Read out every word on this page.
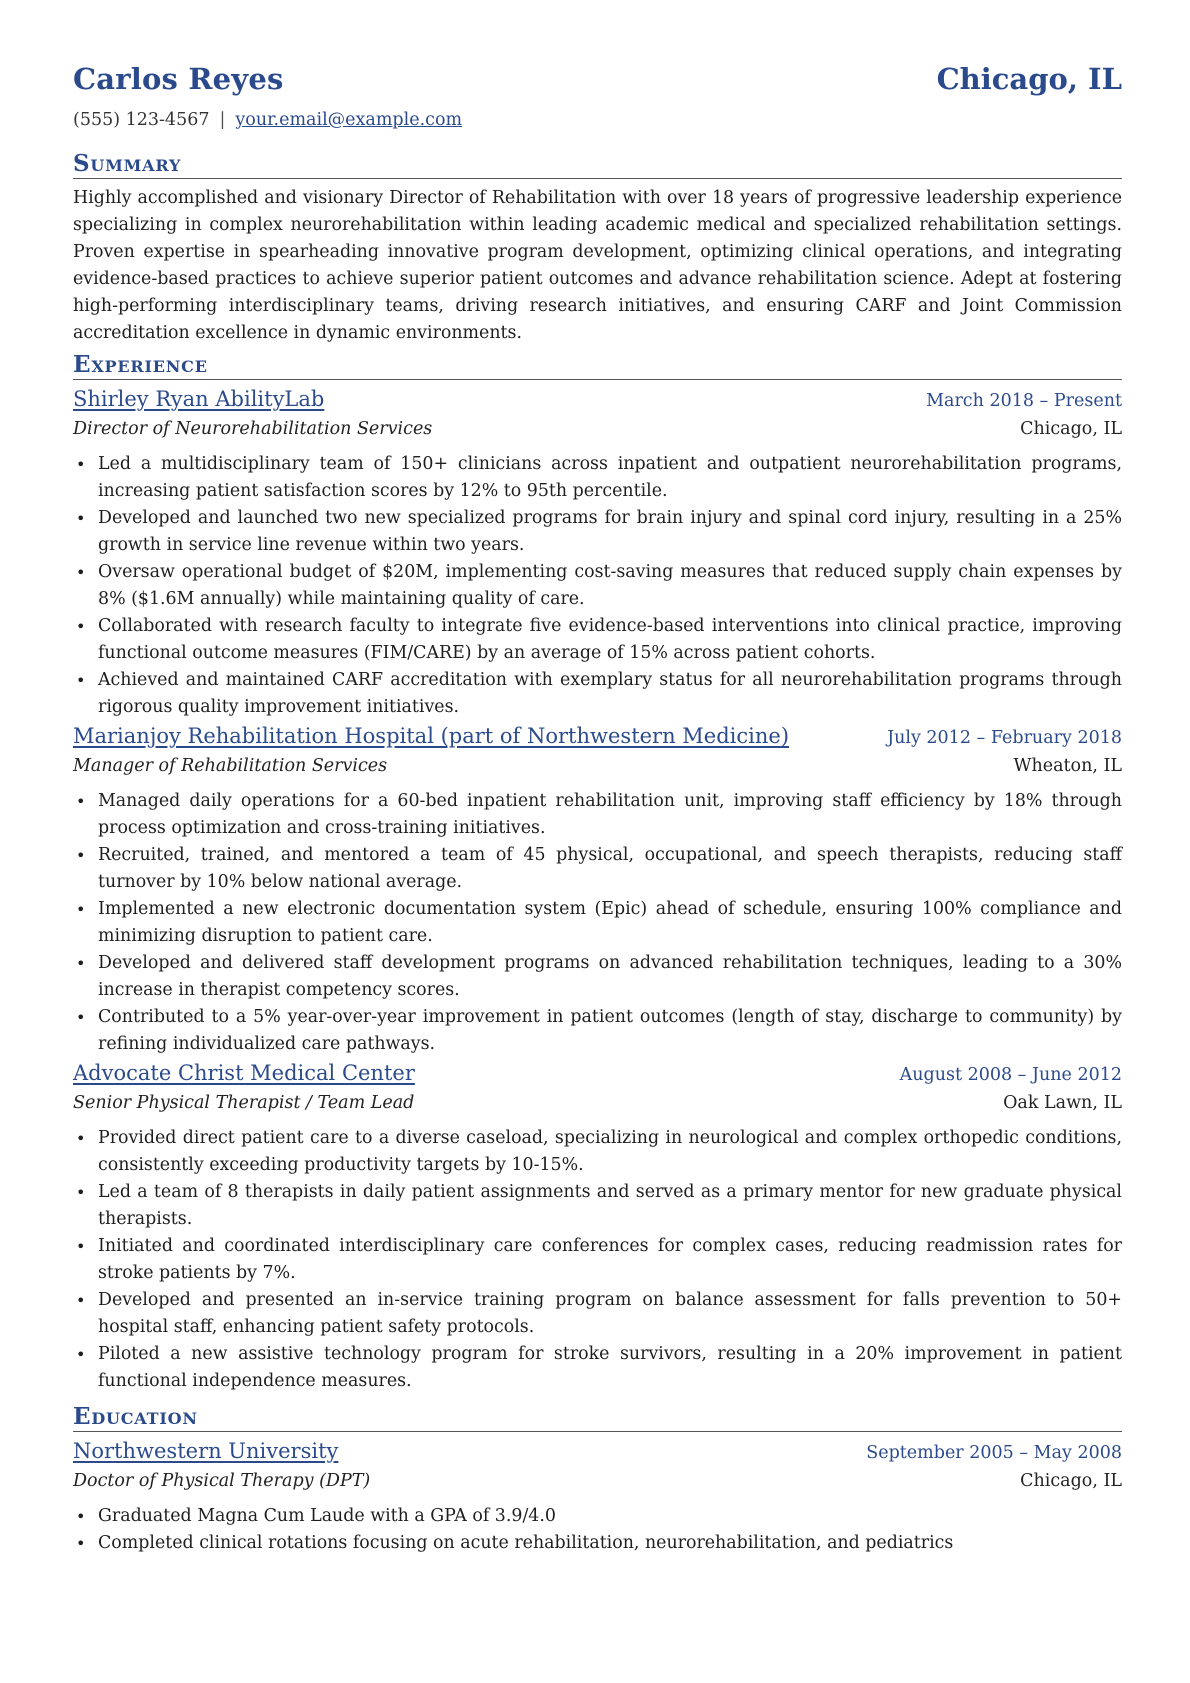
Carlos Reyes	Chicago, IL
(555) 123-4567 | your.email@example.com
Summary
Highly accomplished and visionary Director of Rehabilitation with over 18 years of progressive leadership experience specializing in complex neurorehabilitation within leading academic medical and specialized rehabilitation settings. Proven expertise in spearheading innovative program development, optimizing clinical operations, and integrating evidence-based practices to achieve superior patient outcomes and advance rehabilitation science. Adept at fostering high-performing interdisciplinary teams, driving research initiatives, and ensuring CARF and Joint Commission accreditation excellence in dynamic environments.
Experience
Shirley Ryan AbilityLab	March 2018 – Present
Director of Neurorehabilitation Services	Chicago, IL
• Led a multidisciplinary team of 150+ clinicians across inpatient and outpatient neurorehabilitation programs, increasing patient satisfaction scores by 12% to 95th percentile.
• Developed and launched two new specialized programs for brain injury and spinal cord injury, resulting in a 25% growth in service line revenue within two years.
• Oversaw operational budget of $20M, implementing cost-saving measures that reduced supply chain expenses by 8% ($1.6M annually) while maintaining quality of care.
• Collaborated with research faculty to integrate five evidence-based interventions into clinical practice, improving functional outcome measures (FIM/CARE) by an average of 15% across patient cohorts.
• Achieved and maintained CARF accreditation with exemplary status for all neurorehabilitation programs through rigorous quality improvement initiatives.
Marianjoy Rehabilitation Hospital (part of Northwestern Medicine)	July 2012 – February 2018
Manager of Rehabilitation Services	Wheaton, IL
• Managed daily operations for a 60-bed inpatient rehabilitation unit, improving staff efficiency by 18% through process optimization and cross-training initiatives.
• Recruited, trained, and mentored a team of 45 physical, occupational, and speech therapists, reducing staff turnover by 10% below national average.
• Implemented a new electronic documentation system (Epic) ahead of schedule, ensuring 100% compliance and minimizing disruption to patient care.
• Developed and delivered staff development programs on advanced rehabilitation techniques, leading to a 30% increase in therapist competency scores.
• Contributed to a 5% year-over-year improvement in patient outcomes (length of stay, discharge to community) by refining individualized care pathways.
Advocate Christ Medical Center	August 2008 – June 2012
Senior Physical Therapist / Team Lead	Oak Lawn, IL
• Provided direct patient care to a diverse caseload, specializing in neurological and complex orthopedic conditions, consistently exceeding productivity targets by 10-15%.
• Led a team of 8 therapists in daily patient assignments and served as a primary mentor for new graduate physical therapists.
• Initiated and coordinated interdisciplinary care conferences for complex cases, reducing readmission rates for stroke patients by 7%.
• Developed and presented an in-service training program on balance assessment for falls prevention to 50+ hospital staff, enhancing patient safety protocols.
• Piloted a new assistive technology program for stroke survivors, resulting in a 20% improvement in patient functional independence measures.
Education
Northwestern University	September 2005 – May 2008
Doctor of Physical Therapy (DPT)	Chicago, IL
• Graduated Magna Cum Laude with a GPA of 3.9/4.0
• Completed clinical rotations focusing on acute rehabilitation, neurorehabilitation, and pediatrics
